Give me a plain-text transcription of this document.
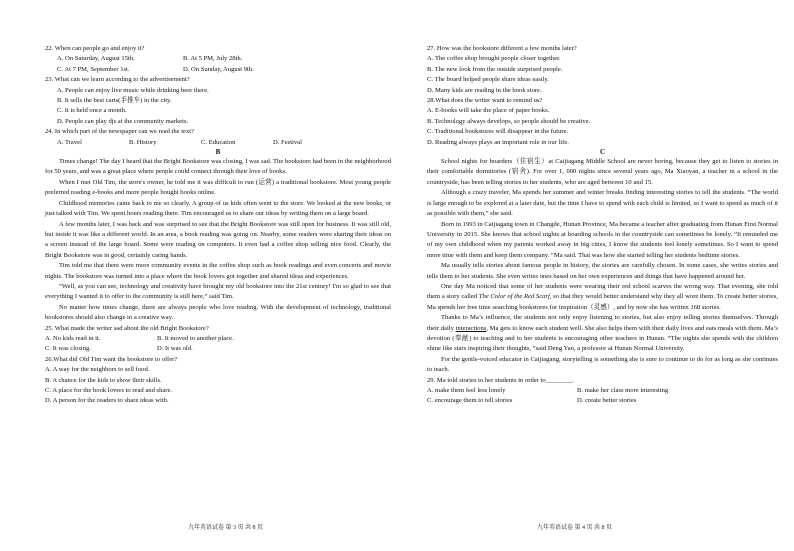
22. When can people go and enjoy it?
A. On Saturday, August 15th.	B. At 5 PM, July 28th.
C. At 7 PM, September 1st.	D. On Sunday, August 9th.
23. What can we learn according to the advertisement?
A. People can enjoy live music while drinking beer there.
B. It sells the best carts(手推车) in the city.
C. It is held once a month.
D. People can play djs at the community markets.
24. In which part of the newspaper can we read the text?
A. Travel	B. History	C. Education	D. Festival
B

Times change! The day I heard that the Bright Bookstore was closing, I was sad. The bookstore had been in the neighborhood for 50 years, and was a great place where people could connect through their love of books.

When I met Old Tim, the store's owner, he told me it was difficult to run (运营) a traditional bookstore. Most young people preferred reading e-books and more people bought books online.

Childhood memories came back to me so clearly. A group of us kids often went to the store. We looked at the new books, or just talked with Tim. We spent hours reading there. Tim encouraged us to share our ideas by writing them on a large board.

A few months later, I was back and was surprised to see that the Bright Bookstore was still open for business. It was still old, but inside it was like a different world. In an area, a book reading was going on. Nearby, some readers were sharing their ideas on a screen instead of the large board. Some were reading on computers. It even had a coffee shop selling nice food. Clearly, the Bright Bookstore was in good, certainly caring hands.

Tim told me that there were more community events in the coffee shop such as book readings and even concerts and movie nights. The bookstore was turned into a place where the book lovers got together and shared ideas and experiences.

“Well, as you can see, technology and creativity have brought my old bookstore into the 21st century! I'm so glad to see that everything I wanted it to offer to the community is still here,” said Tim.

No matter how times change, there are always people who love reading. With the development of technology, traditional bookstores should also change in a creative way.

25. What made the writer sad about the old Bright Bookstore?
A. No kids read in it.	B. It moved to another place.
C. It was closing.	D. It was old.
26.What did Old Tim want the bookstore to offer?
A. A way for the neighbors to sell food.
B. A chance for the kids to show their skills.
C. A place for the book lovers to read and share.
D. A person for the readers to share ideas with.
九年英语试卷 第 3 页 共 8 页
27. How was the bookstore different a few months later?
A. The coffee shop brought people closer together.
B. The new look from the outside surprised people.
C. The board helped people share ideas easily.
D. Many kids are reading in the book store.
28.What does the writer want to remind us?
A. E-books will take the place of paper books.
B. Technology always develops, so people should be creative.
C. Traditional bookstores will disappear in the future.
D. Reading always plays an important role in our life.
C

School nights for boarders（住宿生）at Caijiagang Middle School are never boring, because they get to listen to stories in their comfortable dormitories (宿舍). For over 1, 000 nights since several years ago, Ma Xiaoyan, a teacher in a school in the countryside, has been telling stories to her students, who are aged between 10 and 15.

Although a crazy traveler, Ma spends her summer and winter breaks finding interesting stories to tell the students. “The world is large enough to be explored at a later date, but the time I have to spend with each child is limited, so I want to spend as much of it as possible with them,” she said.

Born in 1993 in Caijiagang town in Changde, Hunan Province, Ma became a teacher after graduating from Hunan First Normal University in 2015. She knows that school nights at boarding schools in the countryside can sometimes be lonely. “It reminded me of my own childhood when my parents worked away in big cities, I know the students feel lonely sometimes. So I want to spend more time with them and keep them company. ”Ma said. That was how she started telling her students bedtime stories.

Ma usually tells stories about famous people in history, the stories are carefully chosen. In some cases, she writes stories and tells them to her students. She even writes ones based on her own experiences and things that have happened around her.

One day Ma noticed that some of her students were wearing their red school scarves the wrong way. That evening, she told them a story called The Color of the Red Scarf, so that they would better understand why they all wore them. To create better stories, Ma spends her free time searching bookstores for inspiration（灵感）, and by now she has written 168 stories.

Thanks to Ma’s influence, the students not only enjoy listening to stories, but also enjoy telling stories themselves. Through their daily interactions, Ma gets to know each student well. She also helps them with their daily lives and eats meals with them. Ma’s devotion (奉献) to teaching and to her students is encouraging other teachers in Hunan. “The nights she spends with the children shine like stars inspiring their thoughts, ”said Deng Yan, a professor at Hunan Normal University.

For the gentle-voiced educator in Caijiagang, storytelling is something she is sure to continue to do for as long as she continues to teach.

29. Ma told stories to her students in order to________.
A. make them feel less lonely	B. make her class more interesting
C. encourage them to tell stories	D. create better stories
九年英语试卷 第 4 页 共 8 页
